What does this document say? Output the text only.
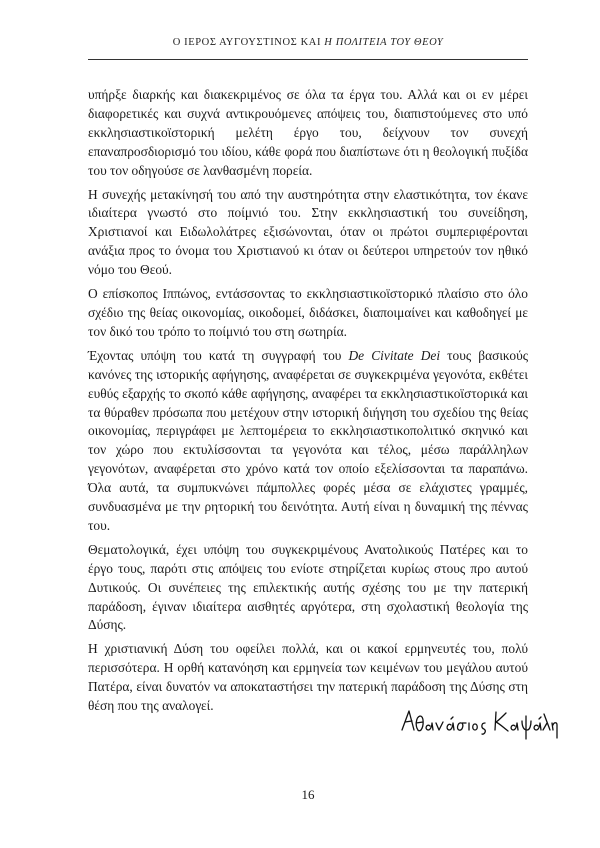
Ο ΙΕΡΟΣ ΑΥΓΟΥΣΤΙΝΟΣ ΚΑΙ Η ΠΟΛΙΤΕΙΑ ΤΟΥ ΘΕΟΥ

υπήρξε διαρκής και διακεκριμένος σε όλα τα έργα του. Αλλά και οι εν μέρει διαφορετικές και συχνά αντικρουόμενες απόψεις του, διαπιστούμενες στο υπό εκκλησιαστικοϊστορική μελέτη έργο του, δείχνουν τον συνεχή επαναπροσδιορισμό του ιδίου, κάθε φορά που διαπίστωνε ότι η θεολογική πυξίδα του τον οδηγούσε σε λανθασμένη πορεία.

Η συνεχής μετακίνησή του από την αυστηρότητα στην ελαστικότητα, τον έκανε ιδιαίτερα γνωστό στο ποίμνιό του. Στην εκκλησιαστική του συνείδηση, Χριστιανοί και Ειδωλολάτρες εξισώνονται, όταν οι πρώτοι συμπεριφέρονται ανάξια προς το όνομα του Χριστιανού κι όταν οι δεύτεροι υπηρετούν τον ηθικό νόμο του Θεού.

Ο επίσκοπος Ιππώνος, εντάσσοντας το εκκλησιαστικοϊστορικό πλαίσιο στο όλο σχέδιο της θείας οικονομίας, οικοδομεί, διδάσκει, διαποιμαίνει και καθοδηγεί με τον δικό του τρόπο το ποίμνιό του στη σωτηρία.

Έχοντας υπόψη του κατά τη συγγραφή του De Civitate Dei τους βασικούς κανόνες της ιστορικής αφήγησης, αναφέρεται σε συγκεκριμένα γεγονότα, εκθέτει ευθύς εξαρχής το σκοπό κάθε αφήγησης, αναφέρει τα εκκλησιαστικοϊστορικά και τα θύραθεν πρόσωπα που μετέχουν στην ιστορική διήγηση του σχεδίου της θείας οικονομίας, περιγράφει με λεπτομέρεια το εκκλησιαστικοπολιτικό σκηνικό και τον χώρο που εκτυλίσσονται τα γεγονότα και τέλος, μέσω παράλληλων γεγονότων, αναφέρεται στο χρόνο κατά τον οποίο εξελίσσονται τα παραπάνω. Όλα αυτά, τα συμπυκνώνει πάμπολλες φορές μέσα σε ελάχιστες γραμμές, συνδυασμένα με την ρητορική του δεινότητα. Αυτή είναι η δυναμική της πέννας του.

Θεματολογικά, έχει υπόψη του συγκεκριμένους Ανατολικούς Πατέρες και το έργο τους, παρότι στις απόψεις του ενίοτε στηρίζεται κυρίως στους προ αυτού Δυτικούς. Οι συνέπειες της επιλεκτικής αυτής σχέσης του με την πατερική παράδοση, έγιναν ιδιαίτερα αισθητές αργότερα, στη σχολαστική θεολογία της Δύσης.

Η χριστιανική Δύση του οφείλει πολλά, και οι κακοί ερμηνευτές του, πολύ περισσότερα. Η ορθή κατανόηση και ερμηνεία των κειμένων του μεγάλου αυτού Πατέρα, είναι δυνατόν να αποκαταστήσει την πατερική παράδοση της Δύσης στη θέση που της αναλογεί.

16
